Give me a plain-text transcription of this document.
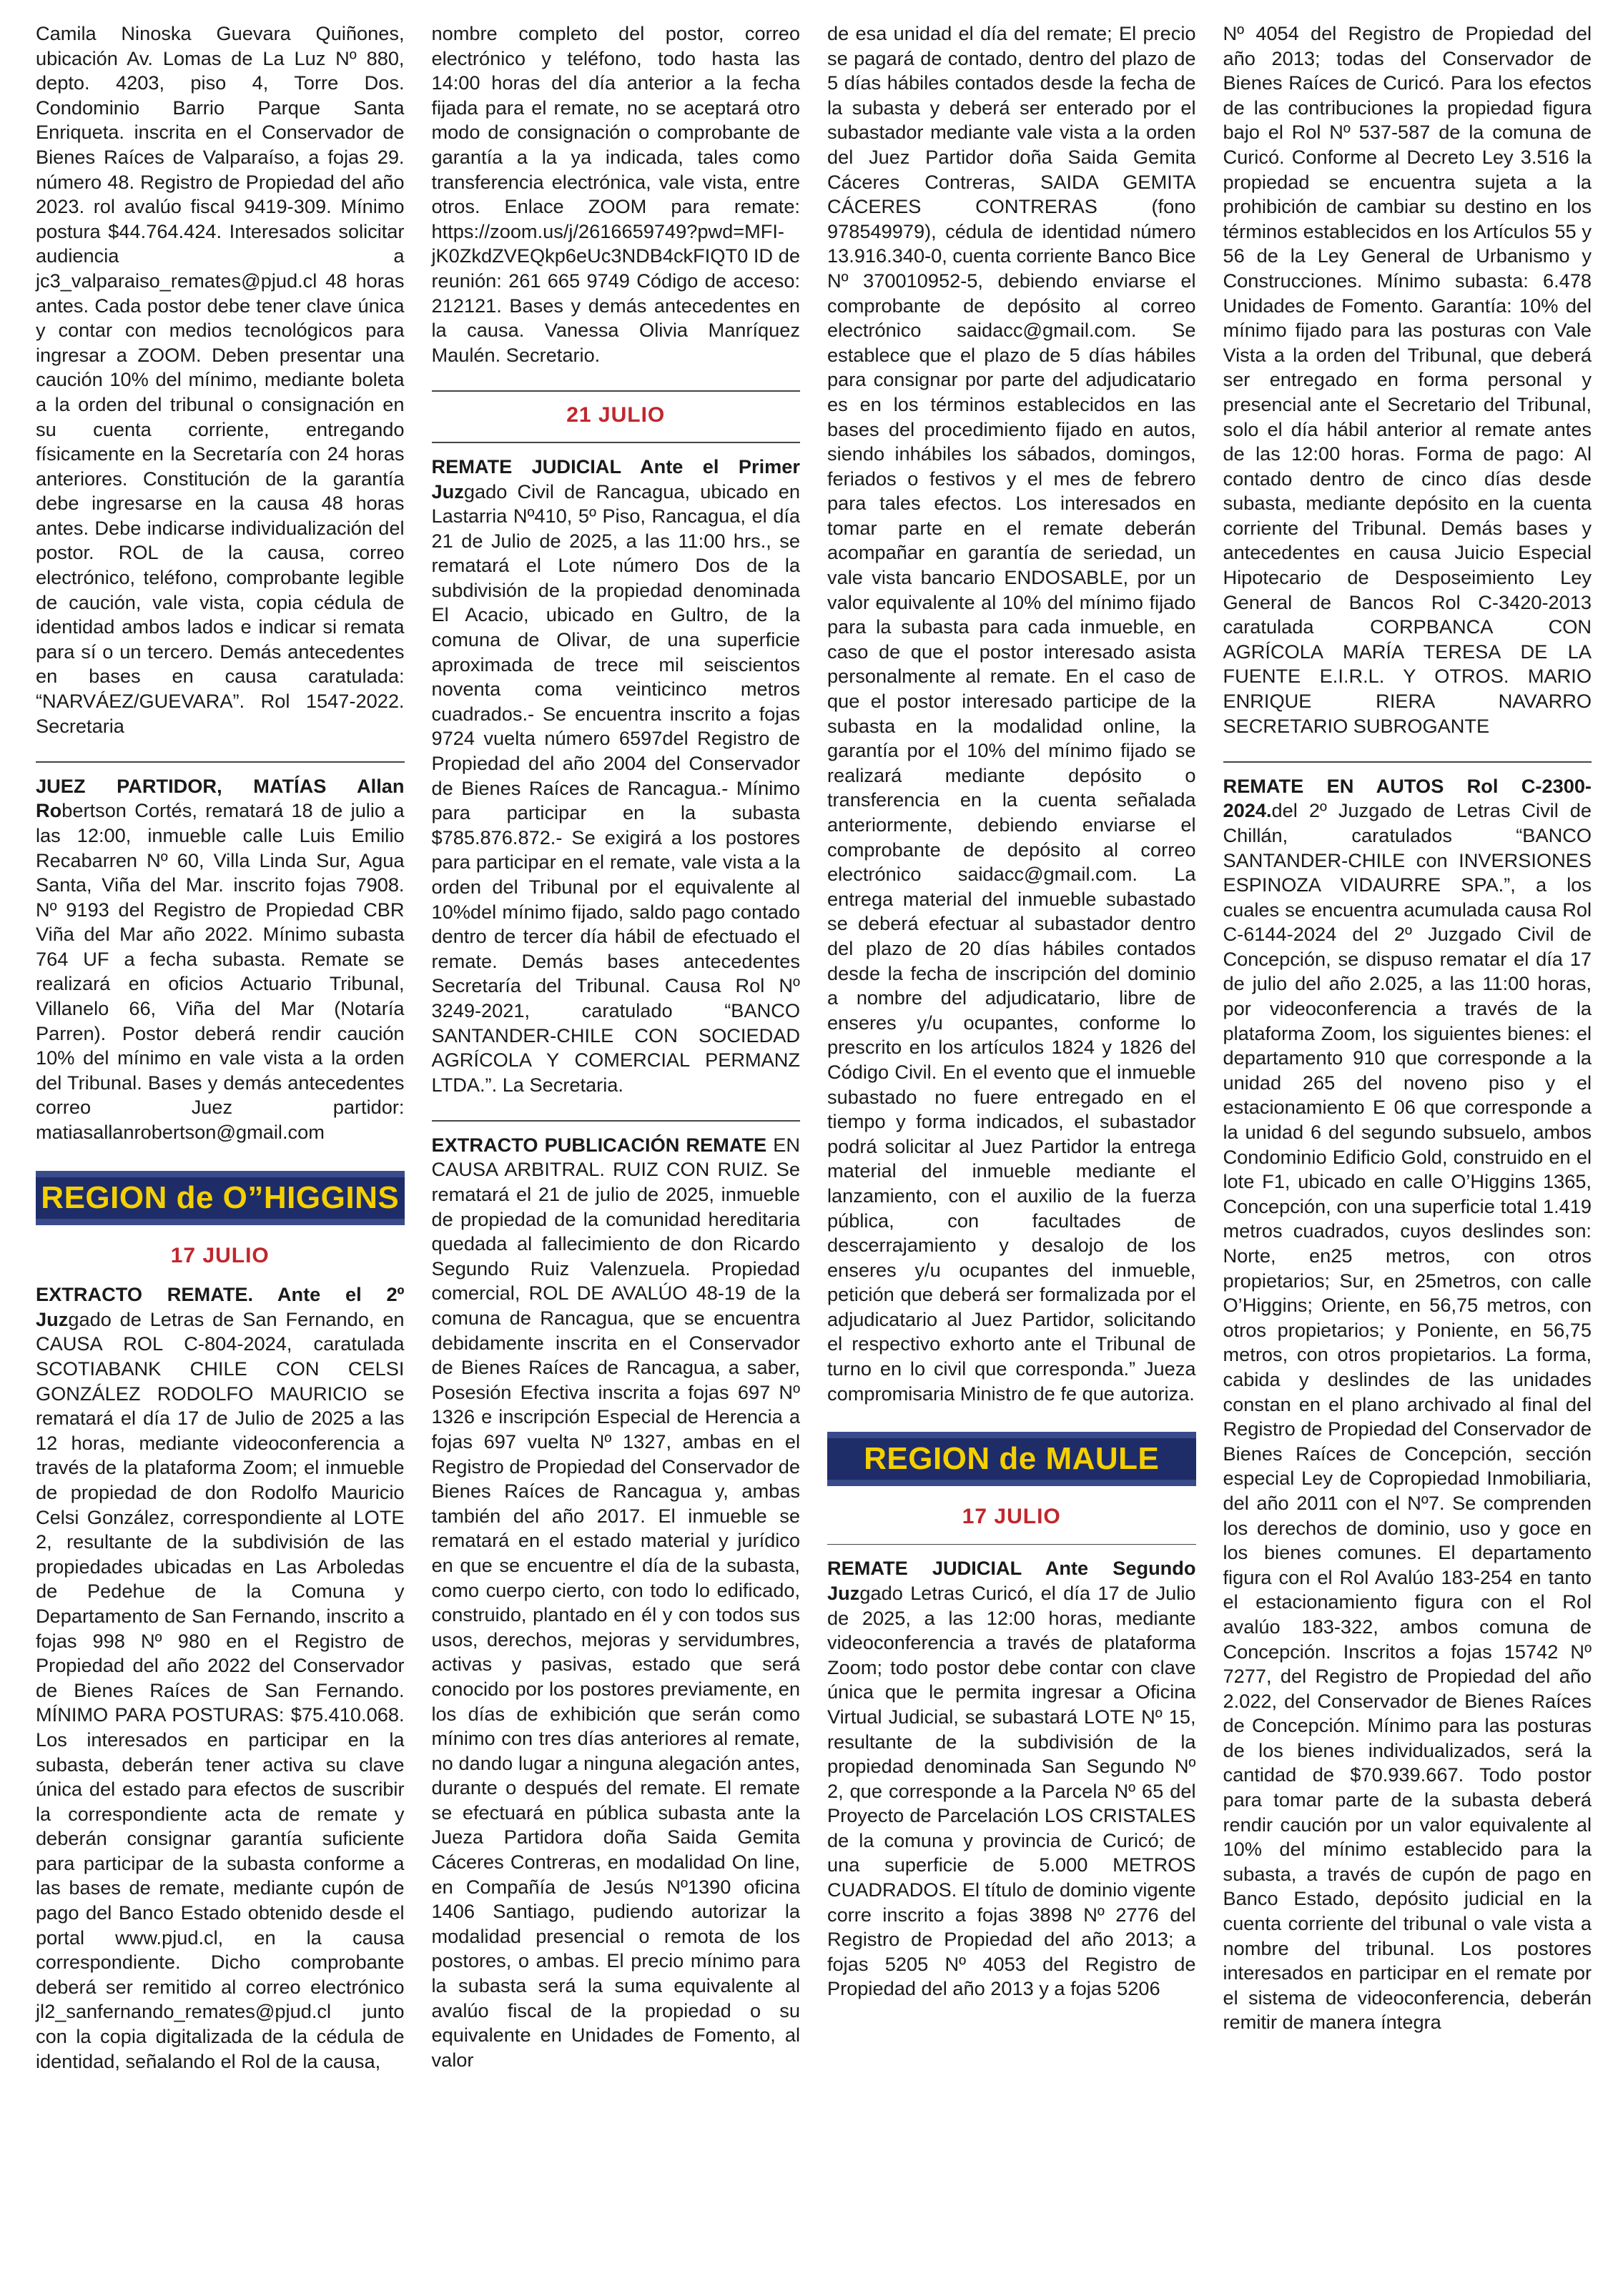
Camila Ninoska Guevara Quiñones, ubicación Av. Lomas de La Luz Nº 880, depto. 4203, piso 4, Torre Dos. Condominio Barrio Parque Santa Enriqueta. inscrita en el Conservador de Bienes Raíces de Valparaíso, a fojas 29. número 48. Registro de Propiedad del año 2023. rol avalúo fiscal 9419-309. Mínimo postura $44.764.424. Interesados solicitar audiencia a jc3_valparaiso_remates@pjud.cl 48 horas antes. Cada postor debe tener clave única y contar con medios tecnológicos para ingresar a ZOOM. Deben presentar una caución 10% del mínimo, mediante boleta a la orden del tribunal o consignación en su cuenta corriente, entregando físicamente en la Secretaría con 24 horas anteriores. Constitución de la garantía debe ingresarse en la causa 48 horas antes. Debe indicarse individualización del postor. ROL de la causa, correo electrónico, teléfono, comprobante legible de caución, vale vista, copia cédula de identidad ambos lados e indicar si remata para sí o un tercero. Demás antecedentes en bases en causa caratulada: “NARVÁEZ/GUEVARA”. Rol 1547-2022. Secretaria

JUEZ PARTIDOR, MATÍAS Allan Robertson Cortés, rematará 18 de julio a las 12:00, inmueble calle Luis Emilio Recabarren Nº 60, Villa Linda Sur, Agua Santa, Viña del Mar. inscrito fojas 7908. Nº 9193 del Registro de Propiedad CBR Viña del Mar año 2022. Mínimo subasta 764 UF a fecha subasta. Remate se realizará en oficios Actuario Tribunal, Villanelo 66, Viña del Mar (Notaría Parren). Postor deberá rendir caución 10% del mínimo en vale vista a la orden del Tribunal. Bases y demás antecedentes correo Juez partidor: matiasallanrobertson@gmail.com

REGION de O”HIGGINS
17 JULIO

EXTRACTO REMATE. Ante el 2º Juzgado de Letras de San Fernando, en CAUSA ROL C-804-2024, caratulada SCOTIABANK CHILE CON CELSI GONZÁLEZ RODOLFO MAURICIO se rematará el día 17 de Julio de 2025 a las 12 horas, mediante videoconferencia a través de la plataforma Zoom; el inmueble de propiedad de don Rodolfo Mauricio Celsi González, correspondiente al LOTE 2, resultante de la subdivisión de las propiedades ubicadas en Las Arboledas de Pedehue de la Comuna y Departamento de San Fernando, inscrito a fojas 998 Nº 980 en el Registro de Propiedad del año 2022 del Conservador de Bienes Raíces de San Fernando. MÍNIMO PARA POSTURAS: $75.410.068. Los interesados en participar en la subasta, deberán tener activa su clave única del estado para efectos de suscribir la correspondiente acta de remate y deberán consignar garantía suficiente para participar de la subasta conforme a las bases de remate, mediante cupón de pago del Banco Estado obtenido desde el portal www.pjud.cl, en la causa correspondiente. Dicho comprobante deberá ser remitido al correo electrónico jl2_sanfernando_remates@pjud.cl junto con la copia digitalizada de la cédula de identidad, señalando el Rol de la causa,

nombre completo del postor, correo electrónico y teléfono, todo hasta las 14:00 horas del día anterior a la fecha fijada para el remate, no se aceptará otro modo de consignación o comprobante de garantía a la ya indicada, tales como transferencia electrónica, vale vista, entre otros. Enlace ZOOM para remate: https://zoom.us/j/2616659749?pwd=MFI-jK0ZkdZVEQkp6eUc3NDB4ckFIQT0 ID de reunión: 261 665 9749 Código de acceso: 212121. Bases y demás antecedentes en la causa. Vanessa Olivia Manríquez Maulén. Secretario.

21 JULIO

REMATE JUDICIAL Ante el Primer Juzgado Civil de Rancagua, ubicado en Lastarria Nº410, 5º Piso, Rancagua, el día 21 de Julio de 2025, a las 11:00 hrs., se rematará el Lote número Dos de la subdivisión de la propiedad denominada El Acacio, ubicado en Gultro, de la comuna de Olivar, de una superficie aproximada de trece mil seiscientos noventa coma veinticinco metros cuadrados.- Se encuentra inscrito a fojas 9724 vuelta número 6597del Registro de Propiedad del año 2004 del Conservador de Bienes Raíces de Rancagua.- Mínimo para participar en la subasta $785.876.872.- Se exigirá a los postores para participar en el remate, vale vista a la orden del Tribunal por el equivalente al 10%del mínimo fijado, saldo pago contado dentro de tercer día hábil de efectuado el remate. Demás bases antecedentes Secretaría del Tribunal. Causa Rol Nº 3249-2021, caratulado “BANCO SANTANDER-CHILE CON SOCIEDAD AGRÍCOLA Y COMERCIAL PERMANZ LTDA.”. La Secretaria.

EXTRACTO PUBLICACIÓN REMATE EN CAUSA ARBITRAL. RUIZ CON RUIZ. Se rematará el 21 de julio de 2025, inmueble de propiedad de la comunidad hereditaria quedada al fallecimiento de don Ricardo Segundo Ruiz Valenzuela. Propiedad comercial, ROL DE AVALÚO 48-19 de la comuna de Rancagua, que se encuentra debidamente inscrita en el Conservador de Bienes Raíces de Rancagua, a saber, Posesión Efectiva inscrita a fojas 697 Nº 1326 e inscripción Especial de Herencia a fojas 697 vuelta Nº 1327, ambas en el Registro de Propiedad del Conservador de Bienes Raíces de Rancagua y, ambas también del año 2017. El inmueble se rematará en el estado material y jurídico en que se encuentre el día de la subasta, como cuerpo cierto, con todo lo edificado, construido, plantado en él y con todos sus usos, derechos, mejoras y servidumbres, activas y pasivas, estado que será conocido por los postores previamente, en los días de exhibición que serán como mínimo con tres días anteriores al remate, no dando lugar a ninguna alegación antes, durante o después del remate. El remate se efectuará en pública subasta ante la Jueza Partidora doña Saida Gemita Cáceres Contreras, en modalidad On line, en Compañía de Jesús Nº1390 oficina 1406 Santiago, pudiendo autorizar la modalidad presencial o remota de los postores, o ambas. El precio mínimo para la subasta será la suma equivalente al avalúo fiscal de la propiedad o su equivalente en Unidades de Fomento, al valor

de esa unidad el día del remate; El precio se pagará de contado, dentro del plazo de 5 días hábiles contados desde la fecha de la subasta y deberá ser enterado por el subastador mediante vale vista a la orden del Juez Partidor doña Saida Gemita Cáceres Contreras, SAIDA GEMITA CÁCERES CONTRERAS (fono 978549979), cédula de identidad número 13.916.340-0, cuenta corriente Banco Bice Nº 370010952-5, debiendo enviarse el comprobante de depósito al correo electrónico saidacc@gmail.com. Se establece que el plazo de 5 días hábiles para consignar por parte del adjudicatario es en los términos establecidos en las bases del procedimiento fijado en autos, siendo inhábiles los sábados, domingos, feriados o festivos y el mes de febrero para tales efectos. Los interesados en tomar parte en el remate deberán acompañar en garantía de seriedad, un vale vista bancario ENDOSABLE, por un valor equivalente al 10% del mínimo fijado para la subasta para cada inmueble, en caso de que el postor interesado asista personalmente al remate. En el caso de que el postor interesado participe de la subasta en la modalidad online, la garantía por el 10% del mínimo fijado se realizará mediante depósito o transferencia en la cuenta señalada anteriormente, debiendo enviarse el comprobante de depósito al correo electrónico saidacc@gmail.com. La entrega material del inmueble subastado se deberá efectuar al subastador dentro del plazo de 20 días hábiles contados desde la fecha de inscripción del dominio a nombre del adjudicatario, libre de enseres y/u ocupantes, conforme lo prescrito en los artículos 1824 y 1826 del Código Civil. En el evento que el inmueble subastado no fuere entregado en el tiempo y forma indicados, el subastador podrá solicitar al Juez Partidor la entrega material del inmueble mediante el lanzamiento, con el auxilio de la fuerza pública, con facultades de descerrajamiento y desalojo de los enseres y/u ocupantes del inmueble, petición que deberá ser formalizada por el adjudicatario al Juez Partidor, solicitando el respectivo exhorto ante el Tribunal de turno en lo civil que corresponda.” Jueza compromisaria Ministro de fe que autoriza.

REGION de MAULE
17 JULIO

REMATE JUDICIAL Ante Segundo Juzgado Letras Curicó, el día 17 de Julio de 2025, a las 12:00 horas, mediante videoconferencia a través de plataforma Zoom; todo postor debe contar con clave única que le permita ingresar a Oficina Virtual Judicial, se subastará LOTE Nº 15, resultante de la subdivisión de la propiedad denominada San Segundo Nº 2, que corresponde a la Parcela Nº 65 del Proyecto de Parcelación LOS CRISTALES de la comuna y provincia de Curicó; de una superficie de 5.000 METROS CUADRADOS. El título de dominio vigente corre inscrito a fojas 3898 Nº 2776 del Registro de Propiedad del año 2013; a fojas 5205 Nº 4053 del Registro de Propiedad del año 2013 y a fojas 5206

Nº 4054 del Registro de Propiedad del año 2013; todas del Conservador de Bienes Raíces de Curicó. Para los efectos de las contribuciones la propiedad figura bajo el Rol Nº 537-587 de la comuna de Curicó. Conforme al Decreto Ley 3.516 la propiedad se encuentra sujeta a la prohibición de cambiar su destino en los términos establecidos en los Artículos 55 y 56 de la Ley General de Urbanismo y Construcciones. Mínimo subasta: 6.478 Unidades de Fomento. Garantía: 10% del mínimo fijado para las posturas con Vale Vista a la orden del Tribunal, que deberá ser entregado en forma personal y presencial ante el Secretario del Tribunal, solo el día hábil anterior al remate antes de las 12:00 horas. Forma de pago: Al contado dentro de cinco días desde subasta, mediante depósito en la cuenta corriente del Tribunal. Demás bases y antecedentes en causa Juicio Especial Hipotecario de Desposeimiento Ley General de Bancos Rol C-3420-2013 caratulada CORPBANCA CON AGRÍCOLA MARÍA TERESA DE LA FUENTE E.I.R.L. Y OTROS. MARIO ENRIQUE RIERA NAVARRO SECRETARIO SUBROGANTE

REMATE EN AUTOS Rol C-2300-2024.del 2º Juzgado de Letras Civil de Chillán, caratulados “BANCO SANTANDER-CHILE con INVERSIONES ESPINOZA VIDAURRE SPA.”, a los cuales se encuentra acumulada causa Rol C-6144-2024 del 2º Juzgado Civil de Concepción, se dispuso rematar el día 17 de julio del año 2.025, a las 11:00 horas, por videoconferencia a través de la plataforma Zoom, los siguientes bienes: el departamento 910 que corresponde a la unidad 265 del noveno piso y el estacionamiento E 06 que corresponde a la unidad 6 del segundo subsuelo, ambos Condominio Edificio Gold, construido en el lote F1, ubicado en calle O’Higgins 1365, Concepción, con una superficie total 1.419 metros cuadrados, cuyos deslindes son: Norte, en25 metros, con otros propietarios; Sur, en 25metros, con calle O’Higgins; Oriente, en 56,75 metros, con otros propietarios; y Poniente, en 56,75 metros, con otros propietarios. La forma, cabida y deslindes de las unidades constan en el plano archivado al final del Registro de Propiedad del Conservador de Bienes Raíces de Concepción, sección especial Ley de Copropiedad Inmobiliaria, del año 2011 con el Nº7. Se comprenden los derechos de dominio, uso y goce en los bienes comunes. El departamento figura con el Rol Avalúo 183-254 en tanto el estacionamiento figura con el Rol avalúo 183-322, ambos comuna de Concepción. Inscritos a fojas 15742 Nº 7277, del Registro de Propiedad del año 2.022, del Conservador de Bienes Raíces de Concepción. Mínimo para las posturas de los bienes individualizados, será la cantidad de $70.939.667. Todo postor para tomar parte de la subasta deberá rendir caución por un valor equivalente al 10% del mínimo establecido para la subasta, a través de cupón de pago en Banco Estado, depósito judicial en la cuenta corriente del tribunal o vale vista a nombre del tribunal. Los postores interesados en participar en el remate por el sistema de videoconferencia, deberán remitir de manera íntegra
